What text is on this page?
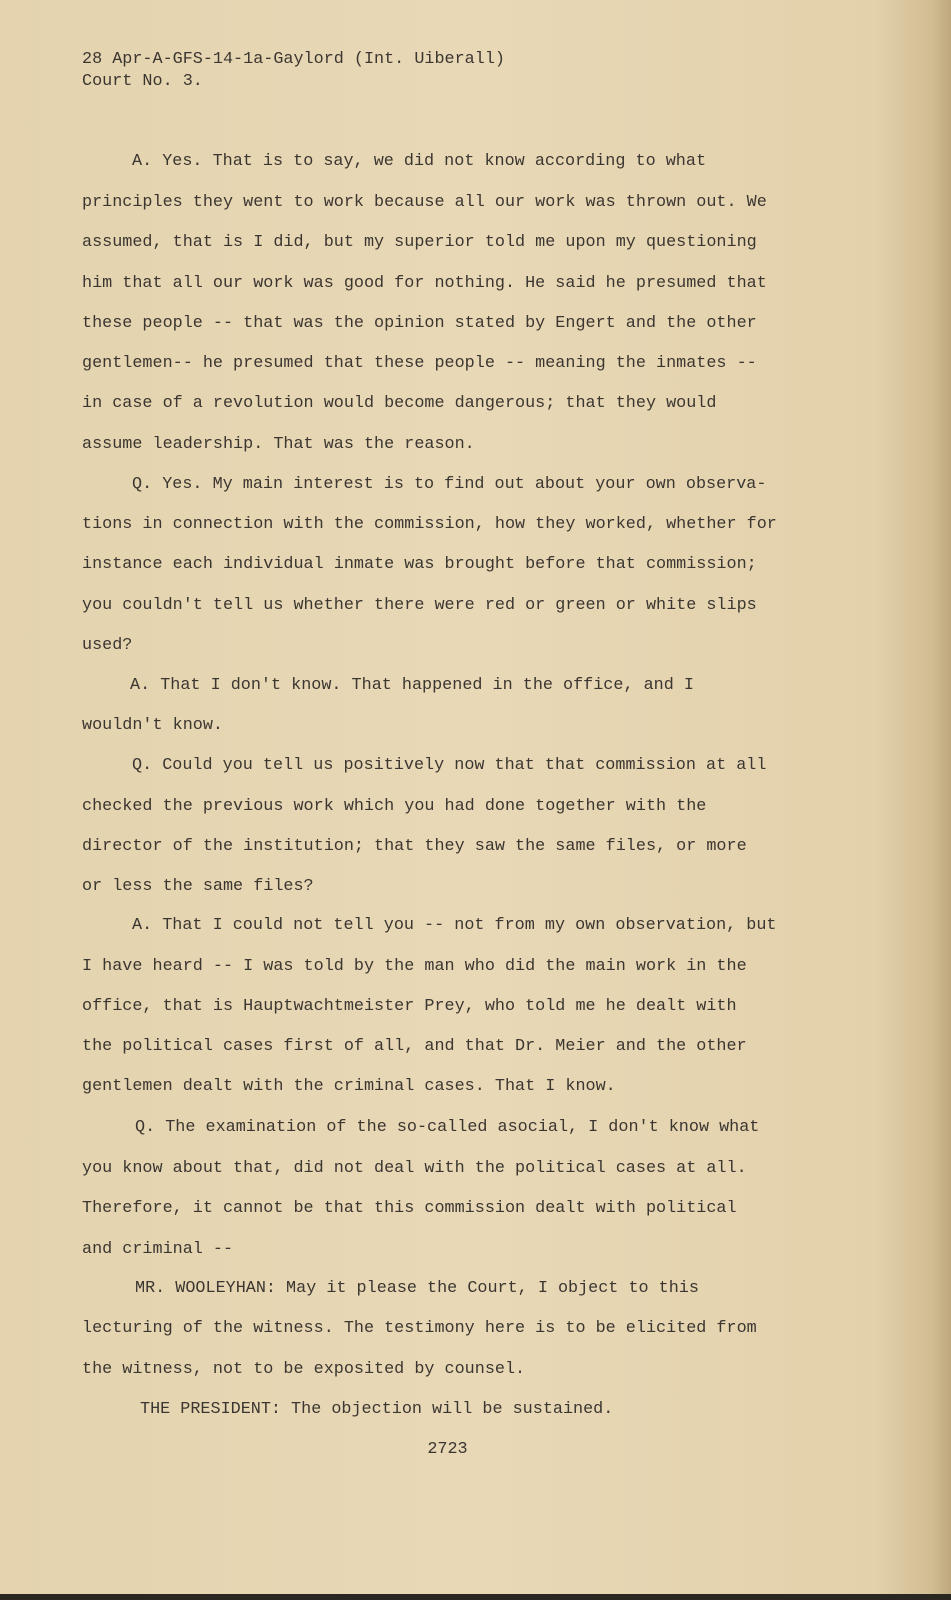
28 Apr-A-GFS-14-1a-Gaylord (Int. Uiberall)
Court No. 3.
A. Yes. That is to say, we did not know according to what
principles they went to work because all our work was thrown out. We
assumed, that is I did, but my superior told me upon my questioning
him that all our work was good for nothing. He said he presumed that
these people -- that was the opinion stated by Engert and the other
gentlemen-- he presumed that these people -- meaning the inmates --
in case of a revolution would become dangerous; that they would
assume leadership. That was the reason.
Q. Yes. My main interest is to find out about your own observa-
tions in connection with the commission, how they worked, whether for
instance each individual inmate was brought before that commission;
you couldn't tell us whether there were red or green or white slips
used?
A. That I don't know. That happened in the office, and I
wouldn't know.
Q. Could you tell us positively now that that commission at all
checked the previous work which you had done together with the
director of the institution; that they saw the same files, or more
or less the same files?
A. That I could not tell you -- not from my own observation, but
I have heard -- I was told by the man who did the main work in the
office, that is Hauptwachtmeister Prey, who told me he dealt with
the political cases first of all, and that Dr. Meier and the other
gentlemen dealt with the criminal cases. That I know.
Q. The examination of the so-called asocial, I don't know what
you know about that, did not deal with the political cases at all.
Therefore, it cannot be that this commission dealt with political
and criminal --
MR. WOOLEYHAN: May it please the Court, I object to this
lecturing of the witness. The testimony here is to be elicited from
the witness, not to be exposited by counsel.
THE PRESIDENT: The objection will be sustained.
2723
